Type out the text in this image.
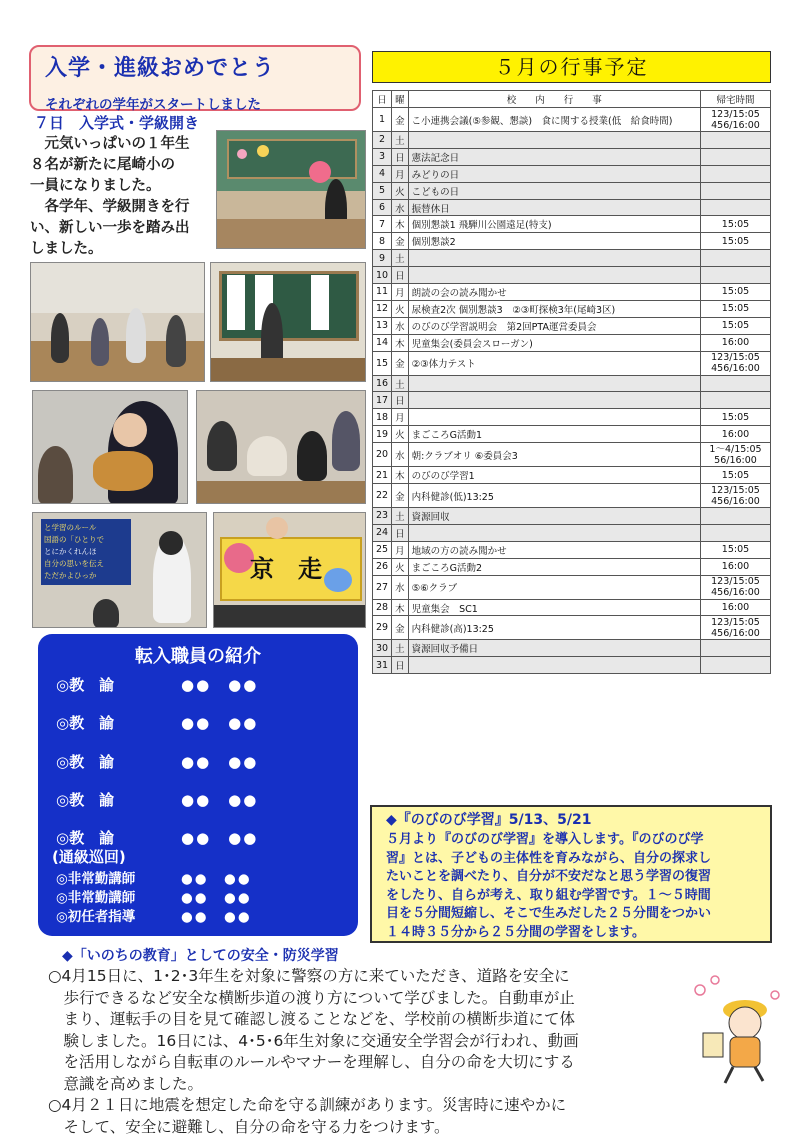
入学・進級おめでとう
それぞれの学年がスタートしました
７日　入学式・学級開き
　元気いっぱいの１年生
８名が新たに尾崎小の
一員になりました。
　各学年、学級開きを行
い、新しい一歩を踏み出
しました。
と学習のルール
国語の「ひとりで
とにかくれんほ
自分の思いを伝え
ただかよひっか	京　走
転入職員の紹介
◎教　諭	●●　●●
◎教　諭	●●　●●
◎教　諭	●●　●●
◎教　諭	●●　●●
◎教　諭	●●　●●
(通級巡回)
◎非常勤講師	●●　●●
◎非常勤講師	●●　●●
◎初任者指導	●●　●●
５月の行事予定
日	曜	校　　内　　行　　事	帰宅時間
1	金	こ小連携会議(⑤参観、懇談)　食に関する授業(低　給食時間)	123/15:05
456/16:00
2	土		
3	日	憲法記念日	
4	月	みどりの日	
5	火	こどもの日	
6	水	振替休日	
7	木	個別懇談1 飛騨川公園遠足(特支)	15:05
8	金	個別懇談2	15:05
9	土		
10	日		
11	月	朗読の会の読み聞かせ	15:05
12	火	尿検査2次 個別懇談3　②③町探検3年(尾崎3区)	15:05
13	水	のびのび学習説明会　第2回PTA運営委員会	15:05
14	木	児童集会(委員会スローガン)	16:00
15	金	②③体力テスト	123/15:05
456/16:00
16	土		
17	日		
18	月		15:05
19	火	まごころG活動1	16:00
20	水	朝:クラブオリ ⑥委員会3	1〜4/15:05
56/16:00
21	木	のびのび学習1	15:05
22	金	内科健診(低)13:25	123/15:05
456/16:00
23	土	資源回収	
24	日		
25	月	地域の方の読み聞かせ	15:05
26	火	まごころG活動2	16:00
27	水	⑤⑥クラブ	123/15:05
456/16:00
28	木	児童集会　SC1	16:00
29	金	内科健診(高)13:25	123/15:05
456/16:00
30	土	資源回収予備日	
31	日		
◆『のびのび学習』5/13、5/21
５月より『のびのび学習』を導入します。『のびのび学
習』とは、子どもの主体性を育みながら、自分の探求し
たいことを調べたり、自分が不安だなと思う学習の復習
をしたり、自らが考え、取り組む学習です。１〜５時間
目を５分間短縮し、そこで生みだした２５分間をつかい
１４時３５分から２５分間の学習をします。
◆「いのちの教育」としての安全・防災学習
○4月15日に、1･2･3年生を対象に警察の方に来ていただき、道路を安全に
　歩行できるなど安全な横断歩道の渡り方について学びました。自動車が止
　まり、運転手の目を見て確認し渡ることなどを、学校前の横断歩道にて体
　験しました。16日には、4･5･6年生対象に交通安全学習会が行われ、動画
　を活用しながら自転車のルールやマナーを理解し、自分の命を大切にする
　意識を高めました。
○4月２１日に地震を想定した命を守る訓練があります。災害時に速やかに
　そして、安全に避難し、自分の命を守る力をつけます。
